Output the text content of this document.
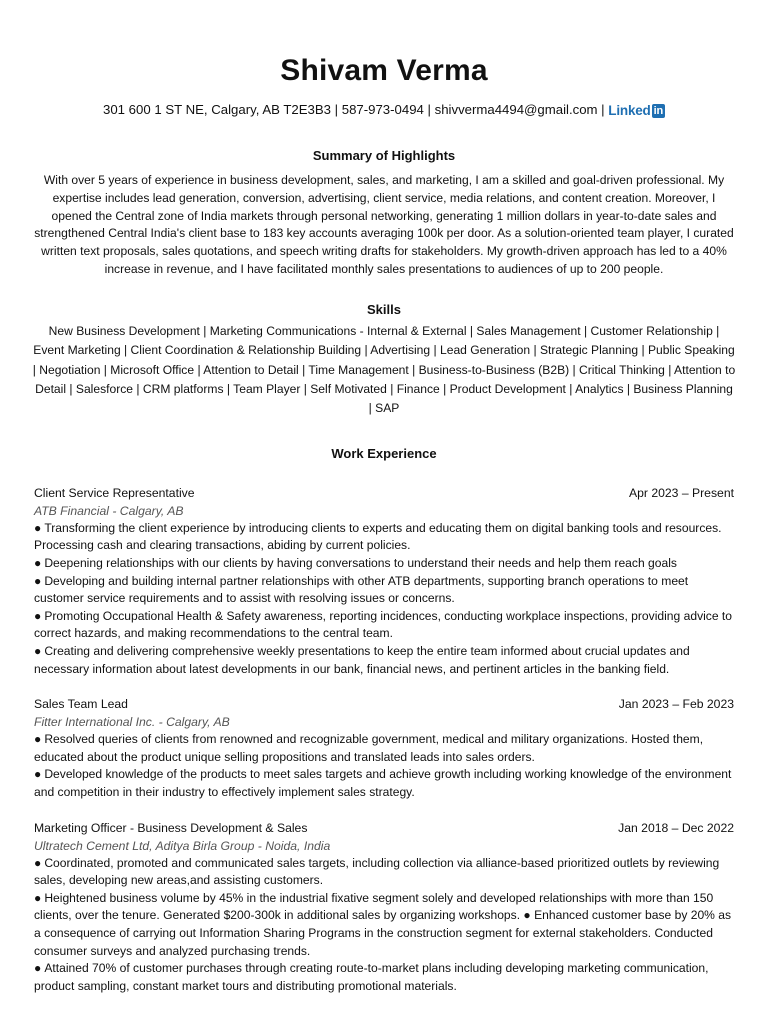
Shivam Verma
301 600 1 ST NE, Calgary, AB T2E3B3 | 587-973-0494 | shivverma4494@gmail.com | Linked in
Summary of Highlights
With over 5 years of experience in business development, sales, and marketing, I am a skilled and goal-driven professional. My expertise includes lead generation, conversion, advertising, client service, media relations, and content creation. Moreover, I opened the Central zone of India markets through personal networking, generating 1 million dollars in year-to-date sales and strengthened Central India's client base to 183 key accounts averaging 100k per door. As a solution-oriented team player, I curated written text proposals, sales quotations, and speech writing drafts for stakeholders. My growth-driven approach has led to a 40% increase in revenue, and I have facilitated monthly sales presentations to audiences of up to 200 people.
Skills
New Business Development | Marketing Communications - Internal & External | Sales Management | Customer Relationship | Event Marketing | Client Coordination & Relationship Building | Advertising | Lead Generation | Strategic Planning | Public Speaking | Negotiation | Microsoft Office | Attention to Detail | Time Management | Business-to-Business (B2B) | Critical Thinking | Attention to Detail | Salesforce | CRM platforms | Team Player | Self Motivated | Finance | Product Development | Analytics | Business Planning | SAP
Work Experience
Client Service Representative	Apr 2023 – Present
ATB Financial - Calgary, AB

● Transforming the client experience by introducing clients to experts and educating them on digital banking tools and resources. Processing cash and clearing transactions, abiding by current policies.

● Deepening relationships with our clients by having conversations to understand their needs and help them reach goals

● Developing and building internal partner relationships with other ATB departments, supporting branch operations to meet customer service requirements and to assist with resolving issues or concerns.

● Promoting Occupational Health & Safety awareness, reporting incidences, conducting workplace inspections, providing advice to correct hazards, and making recommendations to the central team.

● Creating and delivering comprehensive weekly presentations to keep the entire team informed about crucial updates and necessary information about latest developments in our bank, financial news, and pertinent articles in the banking field.

Sales Team Lead	Jan 2023 – Feb 2023
Fitter International Inc. - Calgary, AB

● Resolved queries of clients from renowned and recognizable government, medical and military organizations. Hosted them, educated about the product unique selling propositions and translated leads into sales orders.

● Developed knowledge of the products to meet sales targets and achieve growth including working knowledge of the environment and competition in their industry to effectively implement sales strategy.

Marketing Officer - Business Development & Sales	Jan 2018 – Dec 2022
Ultratech Cement Ltd, Aditya Birla Group - Noida, India

● Coordinated, promoted and communicated sales targets, including collection via alliance-based prioritized outlets by reviewing sales, developing new areas,and assisting customers.

● Heightened business volume by 45% in the industrial fixative segment solely and developed relationships with more than 150 clients, over the tenure. Generated $200-300k in additional sales by organizing workshops. ● Enhanced customer base by 20% as a consequence of carrying out Information Sharing Programs in the construction segment for external stakeholders. Conducted consumer surveys and analyzed purchasing trends.

● Attained 70% of customer purchases through creating route-to-market plans including developing marketing communication, product sampling, constant market tours and distributing promotional materials.
